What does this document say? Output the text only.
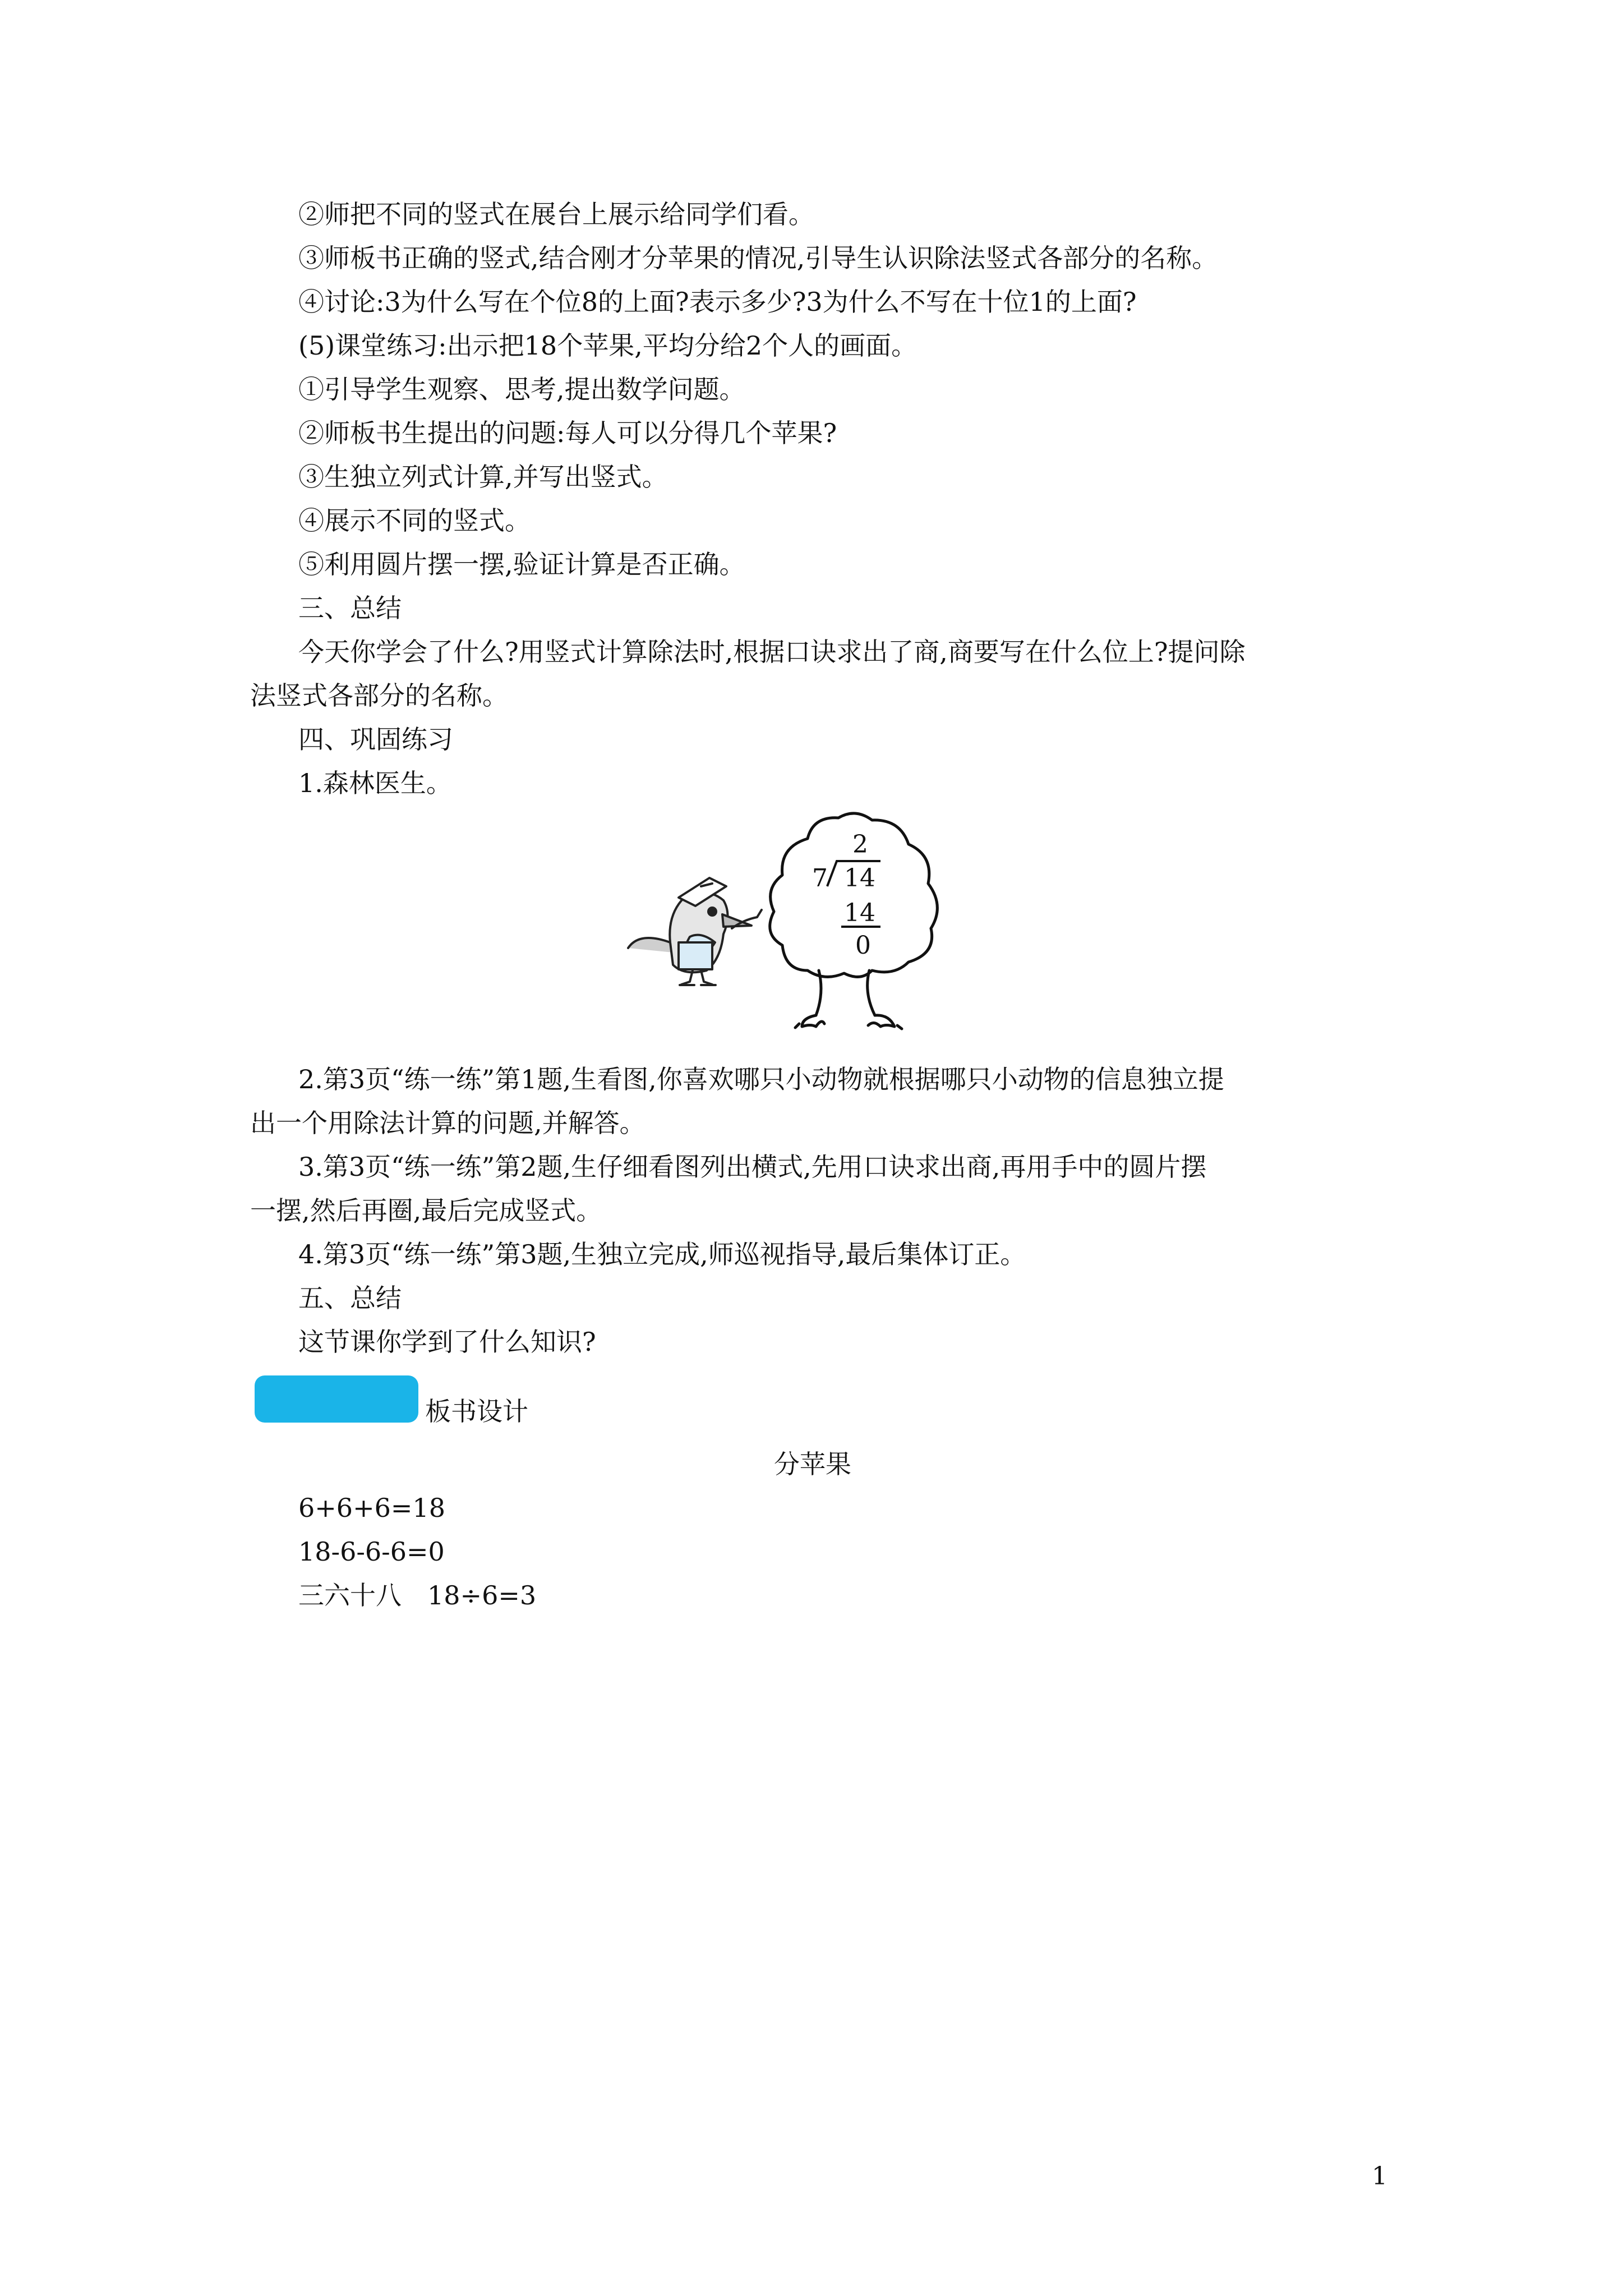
②师把不同的竖式在展台上展示给同学们看。
③师板书正确的竖式,结合刚才分苹果的情况,引导生认识除法竖式各部分的名称。
④讨论:3为什么写在个位8的上面?表示多少?3为什么不写在十位1的上面?
(5)课堂练习:出示把18个苹果,平均分给2个人的画面。
①引导学生观察、思考,提出数学问题。
②师板书生提出的问题:每人可以分得几个苹果?
③生独立列式计算,并写出竖式。
④展示不同的竖式。
⑤利用圆片摆一摆,验证计算是否正确。
三、总结
今天你学会了什么?用竖式计算除法时,根据口诀求出了商,商要写在什么位上?提问除
法竖式各部分的名称。
四、巩固练习
1.森林医生。
2
7 14
14
0
2.第3页“练一练”第1题,生看图,你喜欢哪只小动物就根据哪只小动物的信息独立提
出一个用除法计算的问题,并解答。
3.第3页“练一练”第2题,生仔细看图列出横式,先用口诀求出商,再用手中的圆片摆
一摆,然后再圈,最后完成竖式。
4.第3页“练一练”第3题,生独立完成,师巡视指导,最后集体订正。
五、总结
这节课你学到了什么知识?
板书设计
分苹果
6+6+6=18
18-6-6-6=0
三六十八　18÷6=3
1
